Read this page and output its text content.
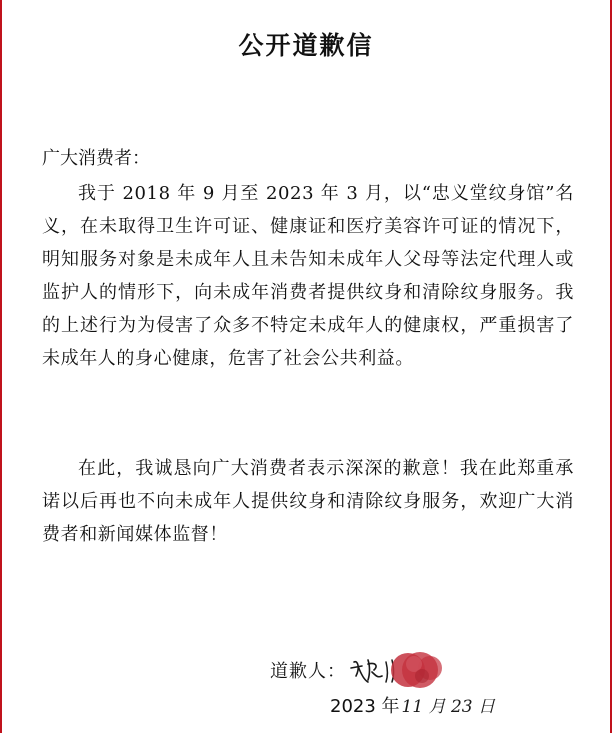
公开道歉信
广大消费者：
我于 2018 年 9 月至 2023 年 3 月，以“忠义堂纹身馆”名义，在未取得卫生许可证、健康证和医疗美容许可证的情况下，明知服务对象是未成年人且未告知未成年人父母等法定代理人或监护人的情形下，向未成年消费者提供纹身和清除纹身服务。我的上述行为为侵害了众多不特定未成年人的健康权，严重损害了未成年人的身心健康，危害了社会公共利益。
在此，我诚恳向广大消费者表示深深的歉意！我在此郑重承诺以后再也不向未成年人提供纹身和清除纹身服务，欢迎广大消费者和新闻媒体监督！
道歉人：
2023 年 11 月 23 日
